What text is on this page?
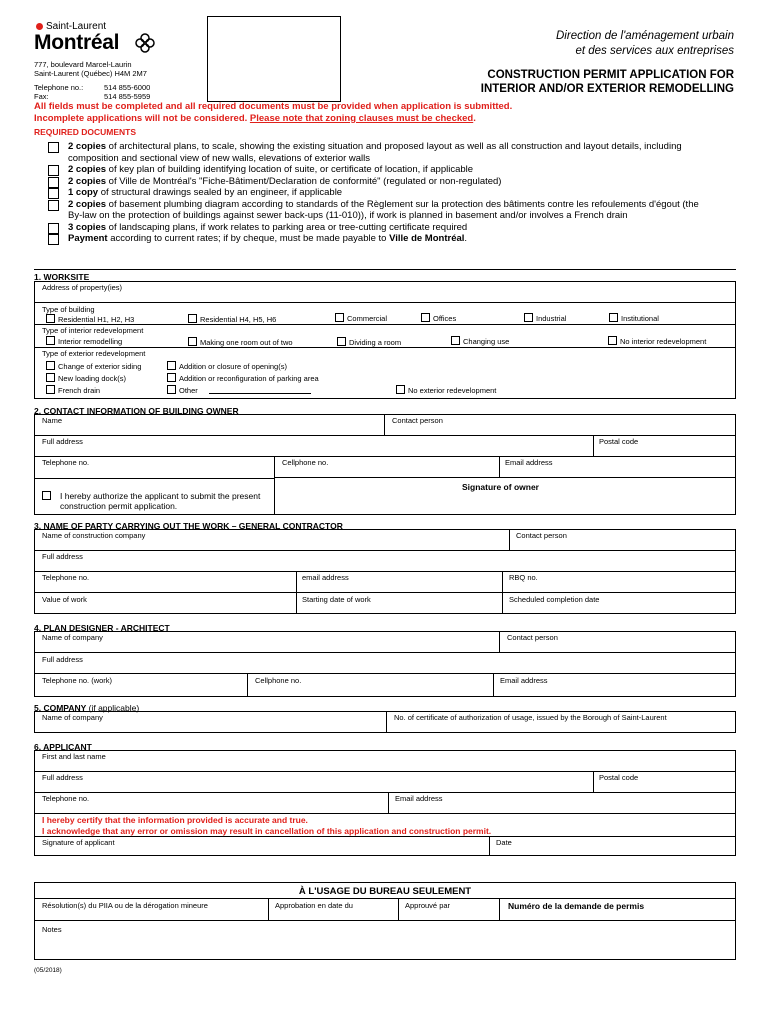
Saint-Laurent
Montréal
777, boulevard Marcel-Laurin
Saint-Laurent (Québec) H4M 2M7
Telephone no.:	514 855-6000
Fax:	514 855-5959
Direction de l'aménagement urbain
et des services aux entreprises
CONSTRUCTION PERMIT APPLICATION FOR
INTERIOR AND/OR EXTERIOR REMODELLING
All fields must be completed and all required documents must be provided when application is submitted.
Incomplete applications will not be considered. Please note that zoning clauses must be checked.
REQUIRED DOCUMENTS
2 copies of architectural plans, to scale, showing the existing situation and proposed layout as well as all construction and layout details, including composition and sectional view of new walls, elevations of exterior walls
2 copies of key plan of building identifying location of suite, or certificate of location, if applicable
2 copies of Ville de Montréal's "Fiche-Bâtiment/Declaration de conformité" (regulated or non-regulated)
1 copy of structural drawings sealed by an engineer, if applicable
2 copies of basement plumbing diagram according to standards of the Règlement sur la protection des bâtiments contre les refoulements d'égout (the By-law on the protection of buildings against sewer back-ups (11-010)), if work is planned in basement and/or involves a French drain
3 copies of landscaping plans, if work relates to parking area or tree-cutting certificate required
Payment according to current rates; if by cheque, must be made payable to Ville de Montréal.
1. WORKSITE
Address of property(ies)
Type of building
Residential H1, H2, H3	Residential H4, H5, H6	Commercial	Offices	Industrial	Institutional
Type of interior redevelopment
Interior remodelling	Making one room out of two	Dividing a room	Changing use	No interior redevelopment
Type of exterior redevelopment
Change of exterior siding	Addition or closure of opening(s)
New loading dock(s)	Addition or reconfiguration of parking area
French drain	Other	No exterior redevelopment
2. CONTACT INFORMATION OF BUILDING OWNER
Name	Contact person
Full address	Postal code
Telephone no.	Cellphone no.	Email address
Signature of owner
I hereby authorize the applicant to submit the present construction permit application.
3. NAME OF PARTY CARRYING OUT THE WORK – GENERAL CONTRACTOR
Name of construction company	Contact person
Full address
Telephone no.	email address	RBQ no.
Value of work	Starting date of work	Scheduled completion date
4. PLAN DESIGNER - ARCHITECT
Name of company	Contact person
Full address
Telephone no. (work)	Cellphone no.	Email address
5. COMPANY (if applicable)
Name of company	No. of certificate of authorization of usage, issued by the Borough of Saint-Laurent
6. APPLICANT
First and last name
Full address	Postal code
Telephone no.	Email address
I hereby certify that the information provided is accurate and true.
I acknowledge that any error or omission may result in cancellation of this application and construction permit.
Signature of applicant	Date
À L'USAGE DU BUREAU SEULEMENT
Résolution(s) du PIIA ou de la dérogation mineure	Approbation en date du	Approuvé par	Numéro de la demande de permis
Notes
(05/2018)
